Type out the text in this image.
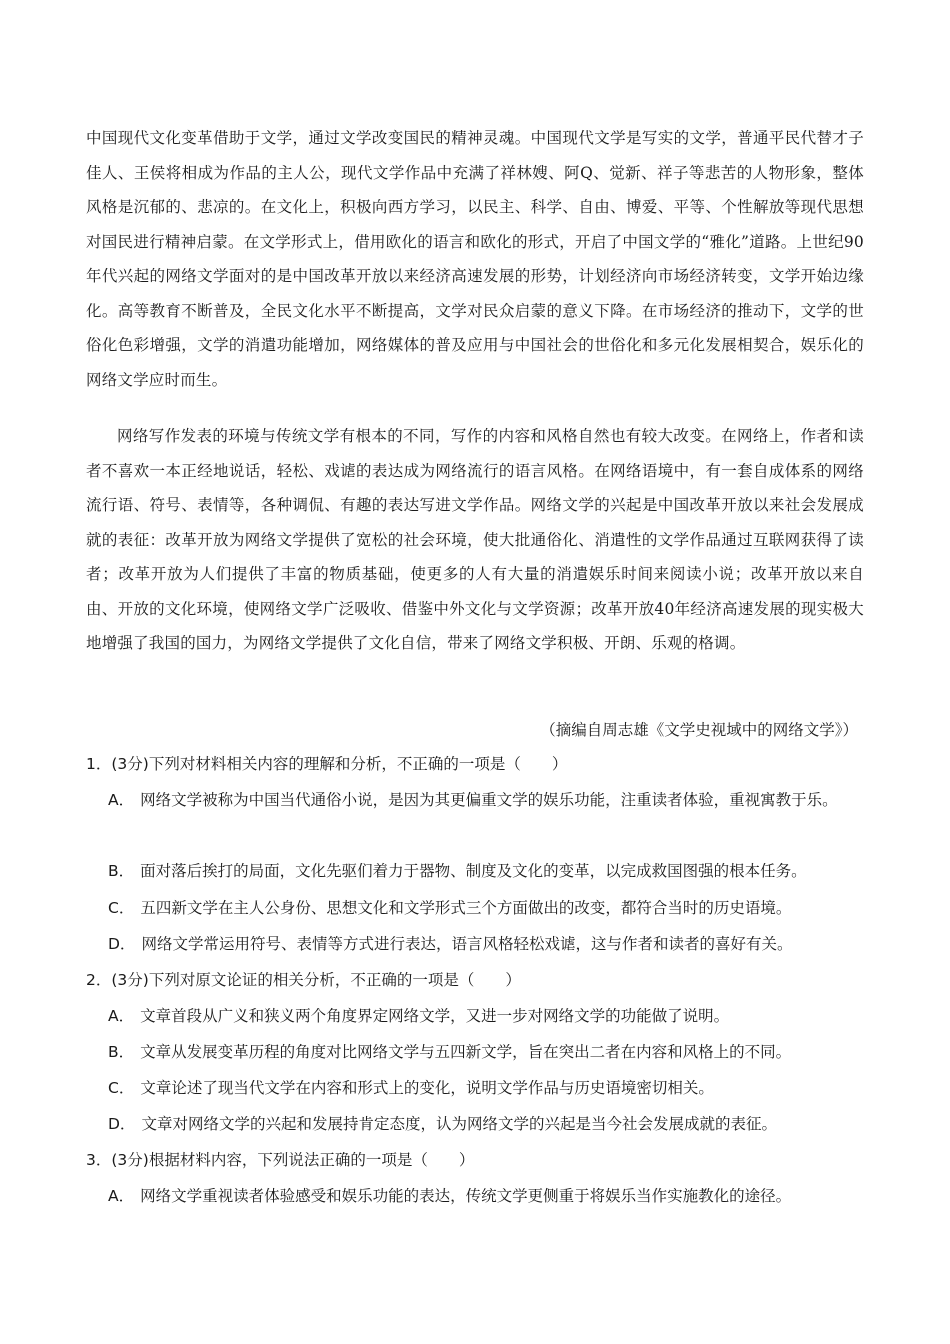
中国现代文化变革借助于文学，通过文学改变国民的精神灵魂。中国现代文学是写实的文学，普通平民代替才子佳人、王侯将相成为作品的主人公，现代文学作品中充满了祥林嫂、阿Q、觉新、祥子等悲苦的人物形象，整体风格是沉郁的、悲凉的。在文化上，积极向西方学习，以民主、科学、自由、博爱、平等、个性解放等现代思想对国民进行精神启蒙。在文学形式上，借用欧化的语言和欧化的形式，开启了中国文学的“雅化”道路。上世纪90年代兴起的网络文学面对的是中国改革开放以来经济高速发展的形势，计划经济向市场经济转变，文学开始边缘化。高等教育不断普及，全民文化水平不断提高，文学对民众启蒙的意义下降。在市场经济的推动下，文学的世俗化色彩增强，文学的消遣功能增加，网络媒体的普及应用与中国社会的世俗化和多元化发展相契合，娱乐化的网络文学应时而生。
网络写作发表的环境与传统文学有根本的不同，写作的内容和风格自然也有较大改变。在网络上，作者和读者不喜欢一本正经地说话，轻松、戏谑的表达成为网络流行的语言风格。在网络语境中，有一套自成体系的网络流行语、符号、表情等，各种调侃、有趣的表达写进文学作品。网络文学的兴起是中国改革开放以来社会发展成就的表征：改革开放为网络文学提供了宽松的社会环境，使大批通俗化、消遣性的文学作品通过互联网获得了读者；改革开放为人们提供了丰富的物质基础，使更多的人有大量的消遣娱乐时间来阅读小说；改革开放以来自由、开放的文化环境，使网络文学广泛吸收、借鉴中外文化与文学资源；改革开放40年经济高速发展的现实极大地增强了我国的国力，为网络文学提供了文化自信，带来了网络文学积极、开朗、乐观的格调。
（摘编自周志雄《文学史视域中的网络文学》）
1．(3分)下列对材料相关内容的理解和分析，不正确的一项是（　　）
A． 网络文学被称为中国当代通俗小说，是因为其更偏重文学的娱乐功能，注重读者体验，重视寓教于乐。
B． 面对落后挨打的局面，文化先驱们着力于器物、制度及文化的变革，以完成救国图强的根本任务。
C． 五四新文学在主人公身份、思想文化和文学形式三个方面做出的改变，都符合当时的历史语境。
D． 网络文学常运用符号、表情等方式进行表达，语言风格轻松戏谑，这与作者和读者的喜好有关。
2．(3分)下列对原文论证的相关分析，不正确的一项是（　　）
A． 文章首段从广义和狭义两个角度界定网络文学，又进一步对网络文学的功能做了说明。
B． 文章从发展变革历程的角度对比网络文学与五四新文学，旨在突出二者在内容和风格上的不同。
C． 文章论述了现当代文学在内容和形式上的变化，说明文学作品与历史语境密切相关。
D． 文章对网络文学的兴起和发展持肯定态度，认为网络文学的兴起是当今社会发展成就的表征。
3．(3分)根据材料内容，下列说法正确的一项是（　　）
A． 网络文学重视读者体验感受和娱乐功能的表达，传统文学更侧重于将娱乐当作实施教化的途径。
